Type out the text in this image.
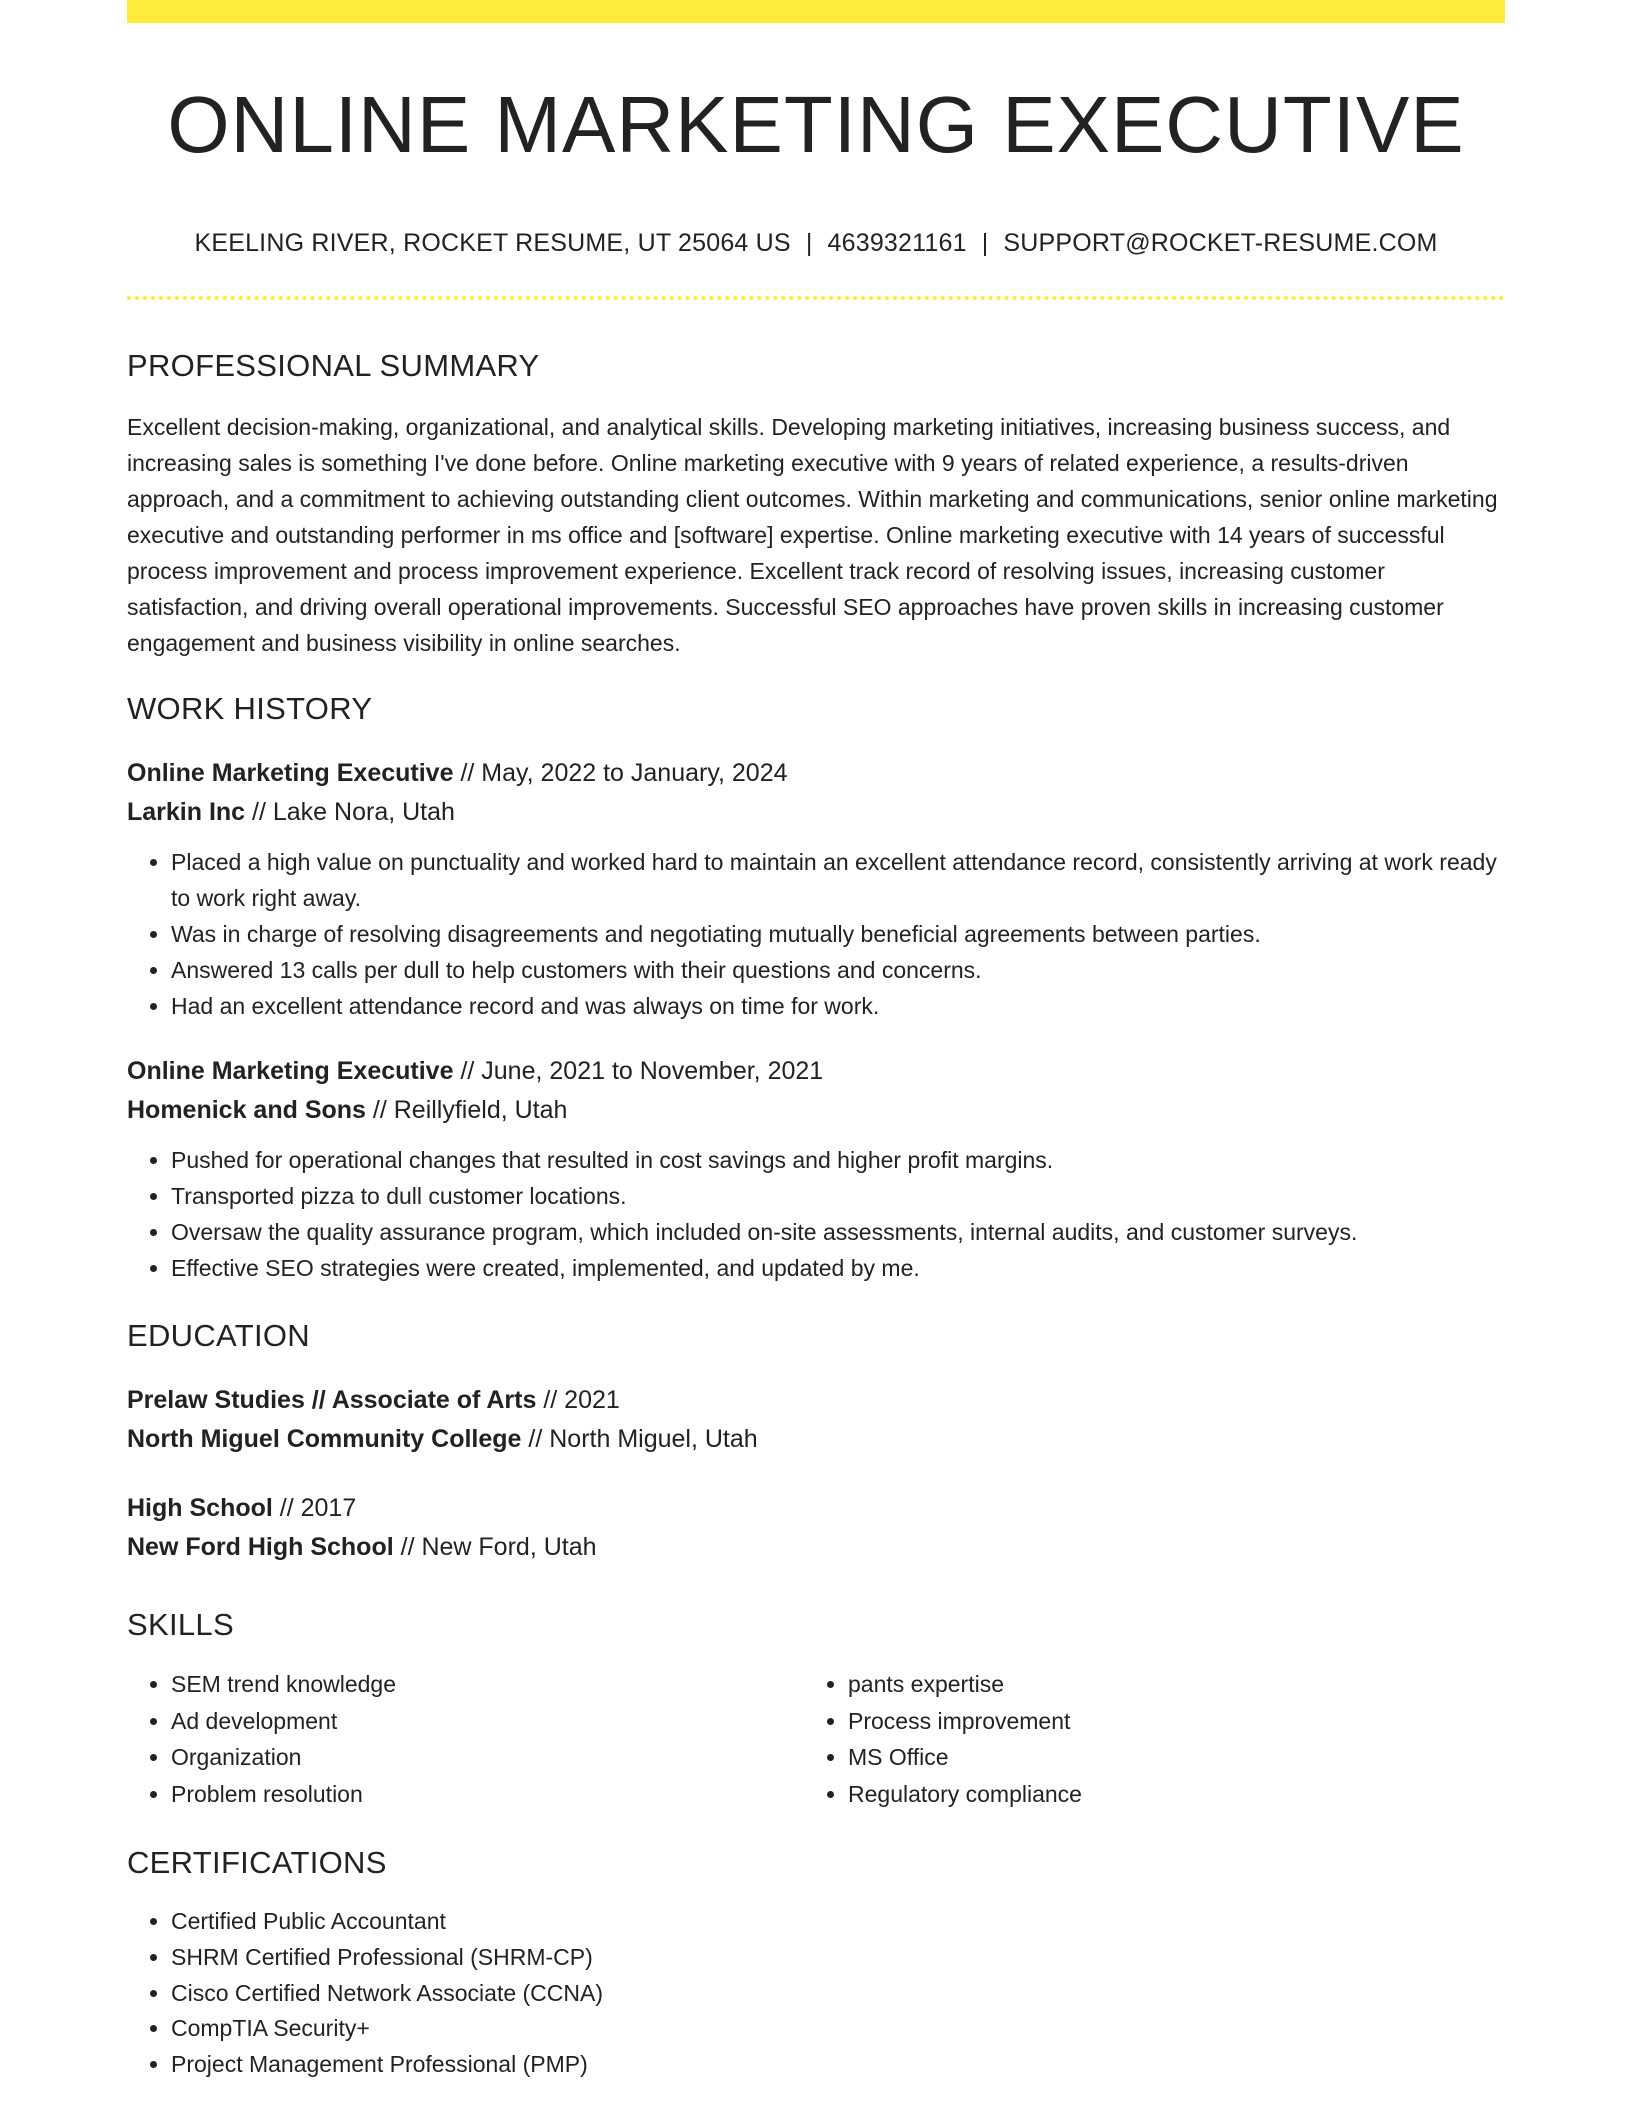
ONLINE MARKETING EXECUTIVE
KEELING RIVER, ROCKET RESUME, UT 25064 US | 4639321161 | SUPPORT@ROCKET-RESUME.COM
PROFESSIONAL SUMMARY
Excellent decision-making, organizational, and analytical skills. Developing marketing initiatives, increasing business success, and increasing sales is something I've done before. Online marketing executive with 9 years of related experience, a results-driven approach, and a commitment to achieving outstanding client outcomes. Within marketing and communications, senior online marketing executive and outstanding performer in ms office and [software] expertise. Online marketing executive with 14 years of successful process improvement and process improvement experience. Excellent track record of resolving issues, increasing customer satisfaction, and driving overall operational improvements. Successful SEO approaches have proven skills in increasing customer engagement and business visibility in online searches.
WORK HISTORY
Online Marketing Executive // May, 2022 to January, 2024
Larkin Inc // Lake Nora, Utah
• Placed a high value on punctuality and worked hard to maintain an excellent attendance record, consistently arriving at work ready to work right away.
• Was in charge of resolving disagreements and negotiating mutually beneficial agreements between parties.
• Answered 13 calls per dull to help customers with their questions and concerns.
• Had an excellent attendance record and was always on time for work.
Online Marketing Executive // June, 2021 to November, 2021
Homenick and Sons // Reillyfield, Utah
• Pushed for operational changes that resulted in cost savings and higher profit margins.
• Transported pizza to dull customer locations.
• Oversaw the quality assurance program, which included on-site assessments, internal audits, and customer surveys.
• Effective SEO strategies were created, implemented, and updated by me.
EDUCATION
Prelaw Studies // Associate of Arts // 2021
North Miguel Community College // North Miguel, Utah
High School // 2017
New Ford High School // New Ford, Utah
SKILLS
• SEM trend knowledge
• Ad development
• Organization
• Problem resolution
• pants expertise
• Process improvement
• MS Office
• Regulatory compliance
CERTIFICATIONS
• Certified Public Accountant
• SHRM Certified Professional (SHRM-CP)
• Cisco Certified Network Associate (CCNA)
• CompTIA Security+
• Project Management Professional (PMP)
